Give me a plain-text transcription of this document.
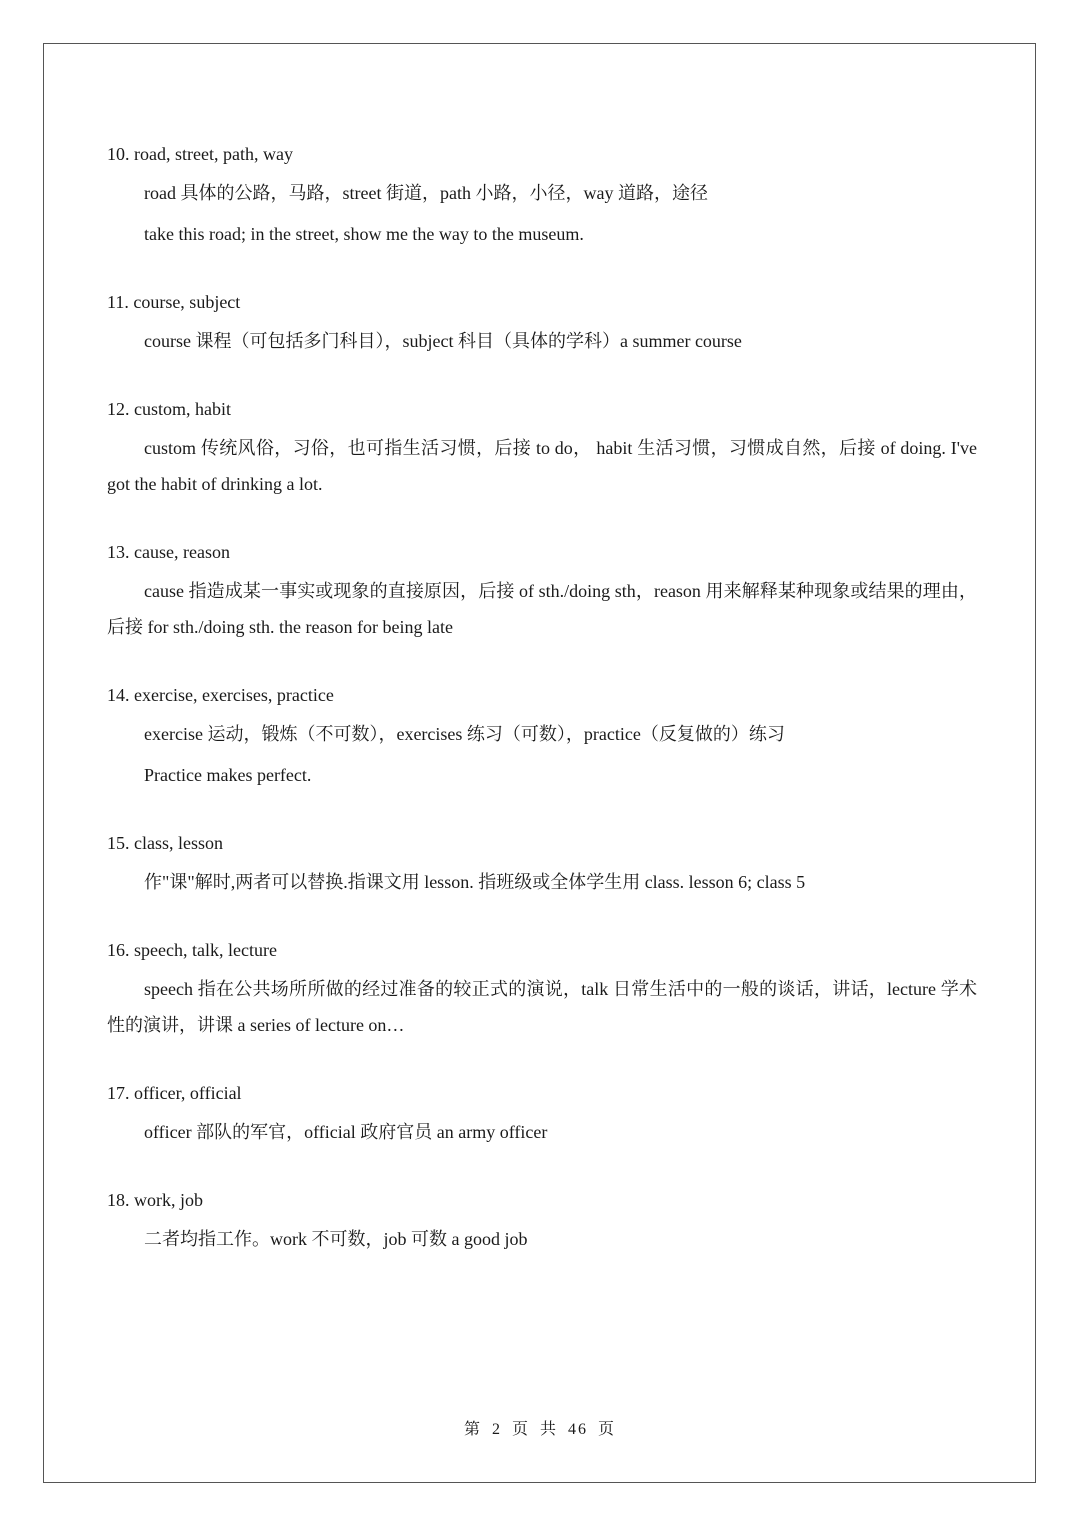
10. road, street, path, way
road 具体的公路，马路，street 街道，path 小路，小径，way 道路，途径
take this road; in the street, show me the way to the museum.
11. course, subject
course 课程（可包括多门科目），subject 科目（具体的学科）a summer course
12. custom, habit
custom 传统风俗，习俗，也可指生活习惯，后接 to do， habit 生活习惯，习惯成自然，后接 of doing. I've got the habit of drinking a lot.
13. cause, reason
cause 指造成某一事实或现象的直接原因，后接 of sth./doing sth，reason 用来解释某种现象或结果的理由，后接 for sth./doing sth. the reason for being late
14. exercise, exercises, practice
exercise 运动，锻炼（不可数），exercises 练习（可数），practice（反复做的）练习
Practice makes perfect.
15. class, lesson
作"课"解时,两者可以替换.指课文用 lesson. 指班级或全体学生用 class. lesson 6; class 5
16. speech, talk, lecture
speech 指在公共场所所做的经过准备的较正式的演说，talk 日常生活中的一般的谈话，讲话，lecture 学术性的演讲，讲课 a series of lecture on…
17. officer, official
officer 部队的军官，official 政府官员 an army officer
18. work, job
二者均指工作。work 不可数，job 可数 a good job
第 2 页 共 46 页
